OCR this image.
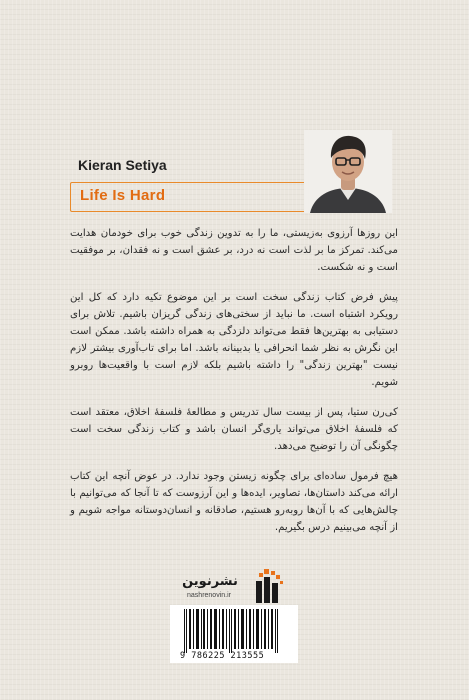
Kieran Setiya
Life Is Hard

این روزها آرزوی به‌زیستی، ما را به تدوین زندگی خوب برای خودمان هدایت می‌کند. تمرکز ما بر لذت است نه درد، بر عشق است و نه فقدان، بر موفقیت است و نه شکست.

پیش فرض کتاب زندگی سخت است بر این موضوع تکیه دارد که کل این رویکرد اشتباه است. ما نباید از سختی‌های زندگی گریزان باشیم. تلاش برای دستیابی به بهترین‌ها فقط می‌تواند دلزدگی به همراه داشته باشد. ممکن است این نگرش به نظر شما انحرافی یا بدبینانه باشد. اما برای تاب‌آوری بیشتر لازم نیست "بهترین زندگی" را داشته باشیم بلکه لازم است با واقعیت‌ها روبرو شویم.

کی‌رن ستیا، پس از بیست سال تدریس و مطالعهٔ فلسفهٔ اخلاق، معتقد است که فلسفهٔ اخلاق می‌تواند یاری‌گر انسان باشد و کتاب زندگی سخت است چگونگی آن را توضیح می‌دهد.

هیچ فرمول ساده‌ای برای چگونه زیستن وجود ندارد. در عوض آنچه این کتاب ارائه می‌کند داستان‌ها، تصاویر، ایده‌ها و این آرزوست که تا آنجا که می‌توانیم با چالش‌هایی که با آن‌ها روبه‌رو هستیم، صادقانه و انسان‌دوستانه مواجه شویم و از آنچه می‌بینیم درس بگیریم.

نشرنوین
nashrenovin.ir
9 786225 213555
